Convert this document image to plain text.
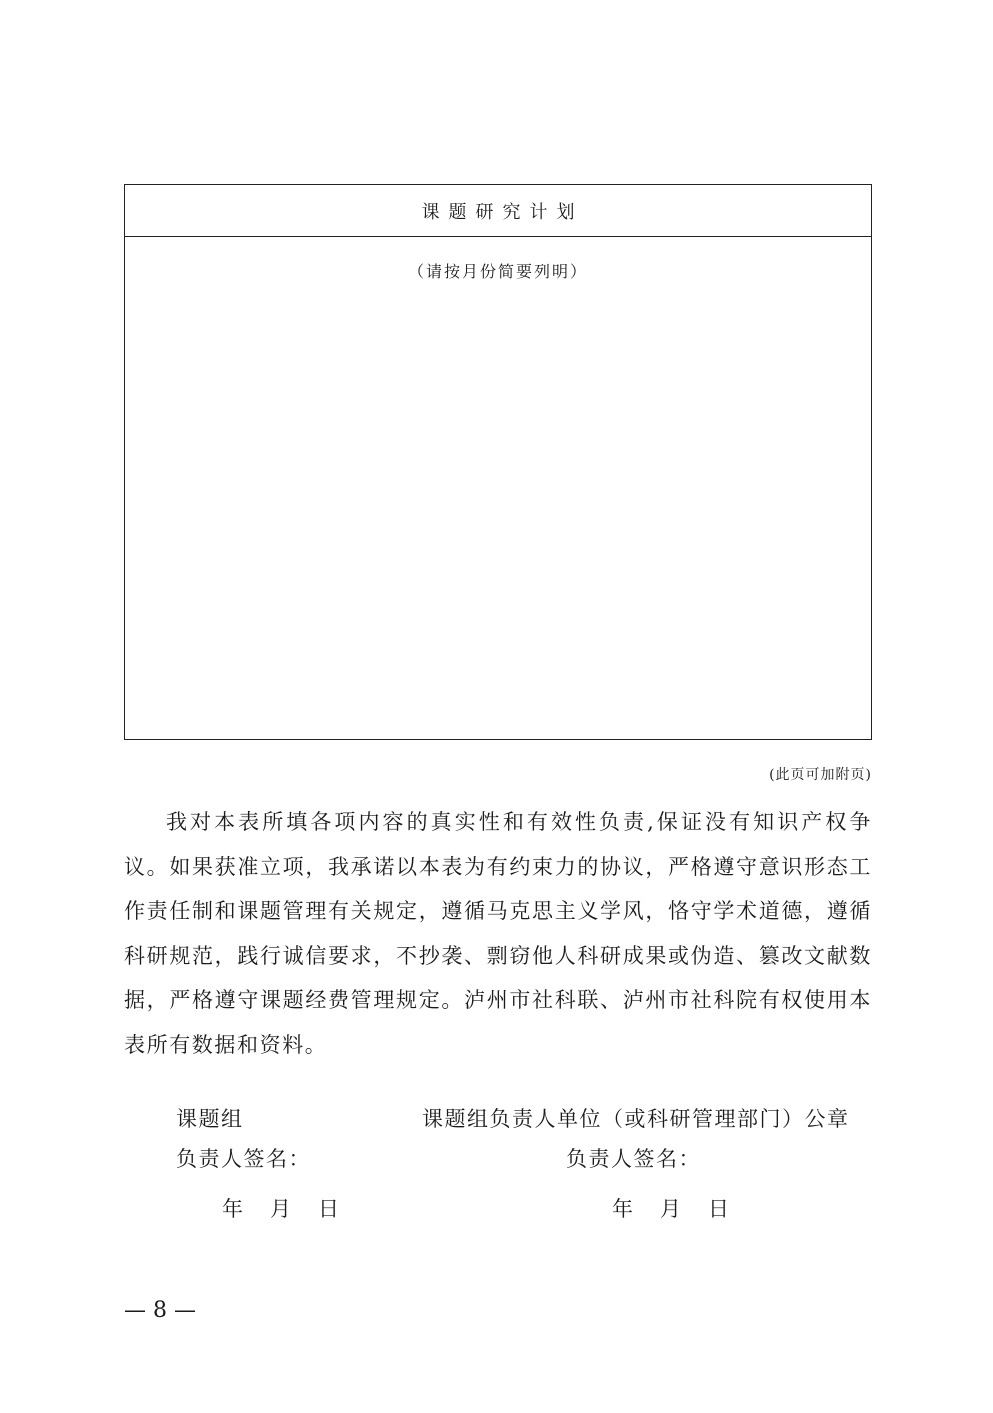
课题研究计划
（请按月份简要列明）
(此页可加附页)

我对本表所填各项内容的真实性和有效性负责,保证没有知识产权争议。如果获准立项，我承诺以本表为有约束力的协议，严格遵守意识形态工作责任制和课题管理有关规定，遵循马克思主义学风，恪守学术道德，遵循科研规范，践行诚信要求，不抄袭、剽窃他人科研成果或伪造、篡改文献数据，严格遵守课题经费管理规定。泸州市社科联、泸州市社科院有权使用本表所有数据和资料。

课题组
负责人签名：
年 月 日
课题组负责人单位（或科研管理部门）公章
负责人签名：
年 月 日
— 8 —
